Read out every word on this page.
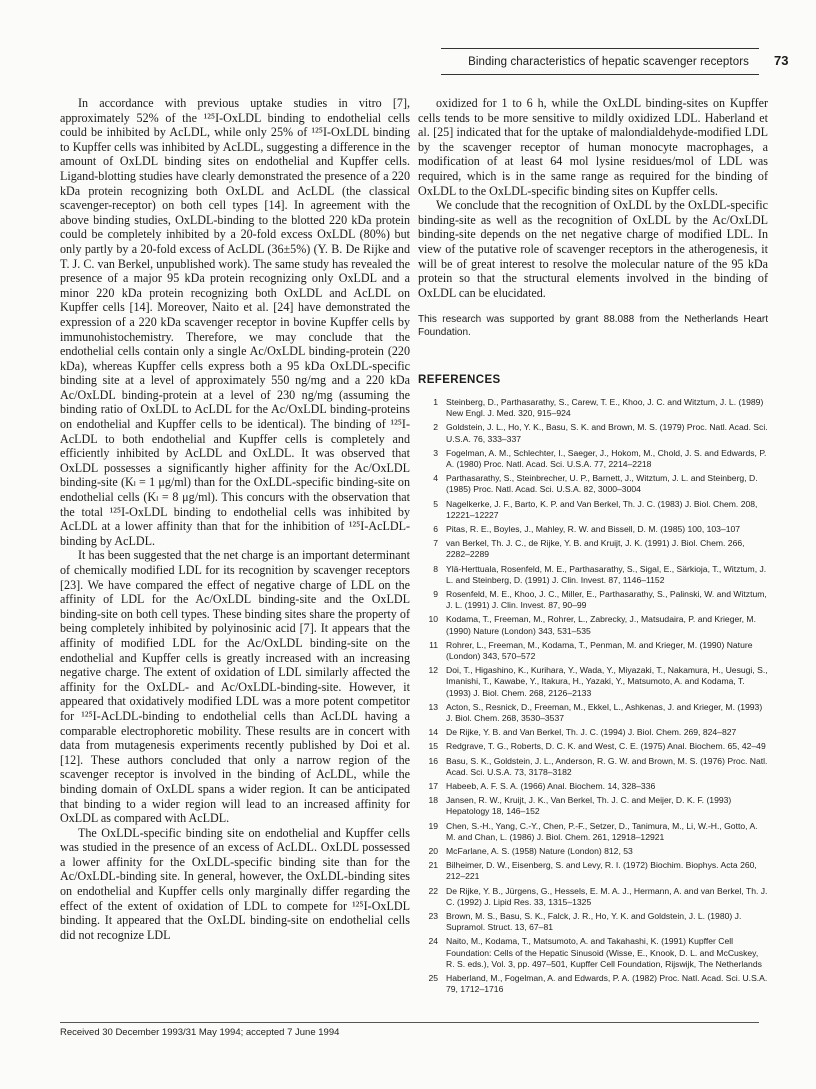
Binding characteristics of hepatic scavenger receptors 73

In accordance with previous uptake studies in vitro [7], approximately 52% of the ¹²⁵I-OxLDL binding to endothelial cells could be inhibited by AcLDL, while only 25% of ¹²⁵I-OxLDL binding to Kupffer cells was inhibited by AcLDL, suggesting a difference in the amount of OxLDL binding sites on endothelial and Kupffer cells. Ligand-blotting studies have clearly demonstrated the presence of a 220 kDa protein recognizing both OxLDL and AcLDL (the classical scavenger-receptor) on both cell types [14]. In agreement with the above binding studies, OxLDL-binding to the blotted 220 kDa protein could be completely inhibited by a 20-fold excess OxLDL (80%) but only partly by a 20-fold excess of AcLDL (36±5%) (Y. B. De Rijke and T. J. C. van Berkel, unpublished work). The same study has revealed the presence of a major 95 kDa protein recognizing only OxLDL and a minor 220 kDa protein recognizing both OxLDL and AcLDL on Kupffer cells [14]. Moreover, Naito et al. [24] have demonstrated the expression of a 220 kDa scavenger receptor in bovine Kupffer cells by immunohistochemistry. Therefore, we may conclude that the endothelial cells contain only a single Ac/OxLDL binding-protein (220 kDa), whereas Kupffer cells express both a 95 kDa OxLDL-specific binding site at a level of approximately 550 ng/mg and a 220 kDa Ac/OxLDL binding-protein at a level of 230 ng/mg (assuming the binding ratio of OxLDL to AcLDL for the Ac/OxLDL binding-proteins on endothelial and Kupffer cells to be identical). The binding of ¹²⁵I-AcLDL to both endothelial and Kupffer cells is completely and efficiently inhibited by AcLDL and OxLDL. It was observed that OxLDL possesses a significantly higher affinity for the Ac/OxLDL binding-site (Kₗ = 1 μg/ml) than for the OxLDL-specific binding-site on endothelial cells (Kₗ = 8 μg/ml). This concurs with the observation that the total ¹²⁵I-OxLDL binding to endothelial cells was inhibited by AcLDL at a lower affinity than that for the inhibition of ¹²⁵I-AcLDL-binding by AcLDL.

It has been suggested that the net charge is an important determinant of chemically modified LDL for its recognition by scavenger receptors [23]. We have compared the effect of negative charge of LDL on the affinity of LDL for the Ac/OxLDL binding-site and the OxLDL binding-site on both cell types. These binding sites share the property of being completely inhibited by polyinosinic acid [7]. It appears that the affinity of modified LDL for the Ac/OxLDL binding-site on the endothelial and Kupffer cells is greatly increased with an increasing negative charge. The extent of oxidation of LDL similarly affected the affinity for the OxLDL- and Ac/OxLDL-binding-site. However, it appeared that oxidatively modified LDL was a more potent competitor for ¹²⁵I-AcLDL-binding to endothelial cells than AcLDL having a comparable electrophoretic mobility. These results are in concert with data from mutagenesis experiments recently published by Doi et al. [12]. These authors concluded that only a narrow region of the scavenger receptor is involved in the binding of AcLDL, while the binding domain of OxLDL spans a wider region. It can be anticipated that binding to a wider region will lead to an increased affinity for OxLDL as compared with AcLDL.

The OxLDL-specific binding site on endothelial and Kupffer cells was studied in the presence of an excess of AcLDL. OxLDL possessed a lower affinity for the OxLDL-specific binding site than for the Ac/OxLDL-binding site. In general, however, the OxLDL-binding sites on endothelial and Kupffer cells only marginally differ regarding the effect of the extent of oxidation of LDL to compete for ¹²⁵I-OxLDL binding. It appeared that the OxLDL binding-site on endothelial cells did not recognize LDL

oxidized for 1 to 6 h, while the OxLDL binding-sites on Kupffer cells tends to be more sensitive to mildly oxidized LDL. Haberland et al. [25] indicated that for the uptake of malondialdehyde-modified LDL by the scavenger receptor of human monocyte macrophages, a modification of at least 64 mol lysine residues/mol of LDL was required, which is in the same range as required for the binding of OxLDL to the OxLDL-specific binding sites on Kupffer cells.

We conclude that the recognition of OxLDL by the OxLDL-specific binding-site as well as the recognition of OxLDL by the Ac/OxLDL binding-site depends on the net negative charge of modified LDL. In view of the putative role of scavenger receptors in the atherogenesis, it will be of great interest to resolve the molecular nature of the 95 kDa protein so that the structural elements involved in the binding of OxLDL can be elucidated.

This research was supported by grant 88.088 from the Netherlands Heart Foundation.

REFERENCES
1 Steinberg, D., Parthasarathy, S., Carew, T. E., Khoo, J. C. and Witztum, J. L. (1989) New Engl. J. Med. 320, 915–924
2 Goldstein, J. L., Ho, Y. K., Basu, S. K. and Brown, M. S. (1979) Proc. Natl. Acad. Sci. U.S.A. 76, 333–337
3 Fogelman, A. M., Schlechter, I., Saeger, J., Hokom, M., Chold, J. S. and Edwards, P. A. (1980) Proc. Natl. Acad. Sci. U.S.A. 77, 2214–2218
4 Parthasarathy, S., Steinbrecher, U. P., Barnett, J., Witztum, J. L. and Steinberg, D. (1985) Proc. Natl. Acad. Sci. U.S.A. 82, 3000–3004
5 Nagelkerke, J. F., Barto, K. P. and Van Berkel, Th. J. C. (1983) J. Biol. Chem. 208, 12221–12227
6 Pitas, R. E., Boyles, J., Mahley, R. W. and Bissell, D. M. (1985) 100, 103–107
7 van Berkel, Th. J. C., de Rijke, Y. B. and Kruijt, J. K. (1991) J. Biol. Chem. 266, 2282–2289
8 Ylä-Herttuala, Rosenfeld, M. E., Parthasarathy, S., Sigal, E., Särkioja, T., Witztum, J. L. and Steinberg, D. (1991) J. Clin. Invest. 87, 1146–1152
9 Rosenfeld, M. E., Khoo, J. C., Miller, E., Parthasarathy, S., Palinski, W. and Witztum, J. L. (1991) J. Clin. Invest. 87, 90–99
10 Kodama, T., Freeman, M., Rohrer, L., Zabrecky, J., Matsudaira, P. and Krieger, M. (1990) Nature (London) 343, 531–535
11 Rohrer, L., Freeman, M., Kodama, T., Penman, M. and Krieger, M. (1990) Nature (London) 343, 570–572
12 Doi, T., Higashino, K., Kurihara, Y., Wada, Y., Miyazaki, T., Nakamura, H., Uesugi, S., Imanishi, T., Kawabe, Y., Itakura, H., Yazaki, Y., Matsumoto, A. and Kodama, T. (1993) J. Biol. Chem. 268, 2126–2133
13 Acton, S., Resnick, D., Freeman, M., Ekkel, L., Ashkenas, J. and Krieger, M. (1993) J. Biol. Chem. 268, 3530–3537
14 De Rijke, Y. B. and Van Berkel, Th. J. C. (1994) J. Biol. Chem. 269, 824–827
15 Redgrave, T. G., Roberts, D. C. K. and West, C. E. (1975) Anal. Biochem. 65, 42–49
16 Basu, S. K., Goldstein, J. L., Anderson, R. G. W. and Brown, M. S. (1976) Proc. Natl. Acad. Sci. U.S.A. 73, 3178–3182
17 Habeeb, A. F. S. A. (1966) Anal. Biochem. 14, 328–336
18 Jansen, R. W., Kruijt, J. K., Van Berkel, Th. J. C. and Meijer, D. K. F. (1993) Hepatology 18, 146–152
19 Chen, S.-H., Yang, C.-Y., Chen, P.-F., Setzer, D., Tanimura, M., Li, W.-H., Gotto, A. M. and Chan, L. (1986) J. Biol. Chem. 261, 12918–12921
20 McFarlane, A. S. (1958) Nature (London) 812, 53
21 Bilheimer, D. W., Eisenberg, S. and Levy, R. I. (1972) Biochim. Biophys. Acta 260, 212–221
22 De Rijke, Y. B., Jürgens, G., Hessels, E. M. A. J., Hermann, A. and van Berkel, Th. J. C. (1992) J. Lipid Res. 33, 1315–1325
23 Brown, M. S., Basu, S. K., Falck, J. R., Ho, Y. K. and Goldstein, J. L. (1980) J. Supramol. Struct. 13, 67–81
24 Naito, M., Kodama, T., Matsumoto, A. and Takahashi, K. (1991) Kupffer Cell Foundation: Cells of the Hepatic Sinusoid (Wisse, E., Knook, D. L. and McCuskey, R. S. eds.), Vol. 3, pp. 497–501, Kupffer Cell Foundation, Rijswijk, The Netherlands
25 Haberland, M., Fogelman, A. and Edwards, P. A. (1982) Proc. Natl. Acad. Sci. U.S.A. 79, 1712–1716
Received 30 December 1993/31 May 1994; accepted 7 June 1994
